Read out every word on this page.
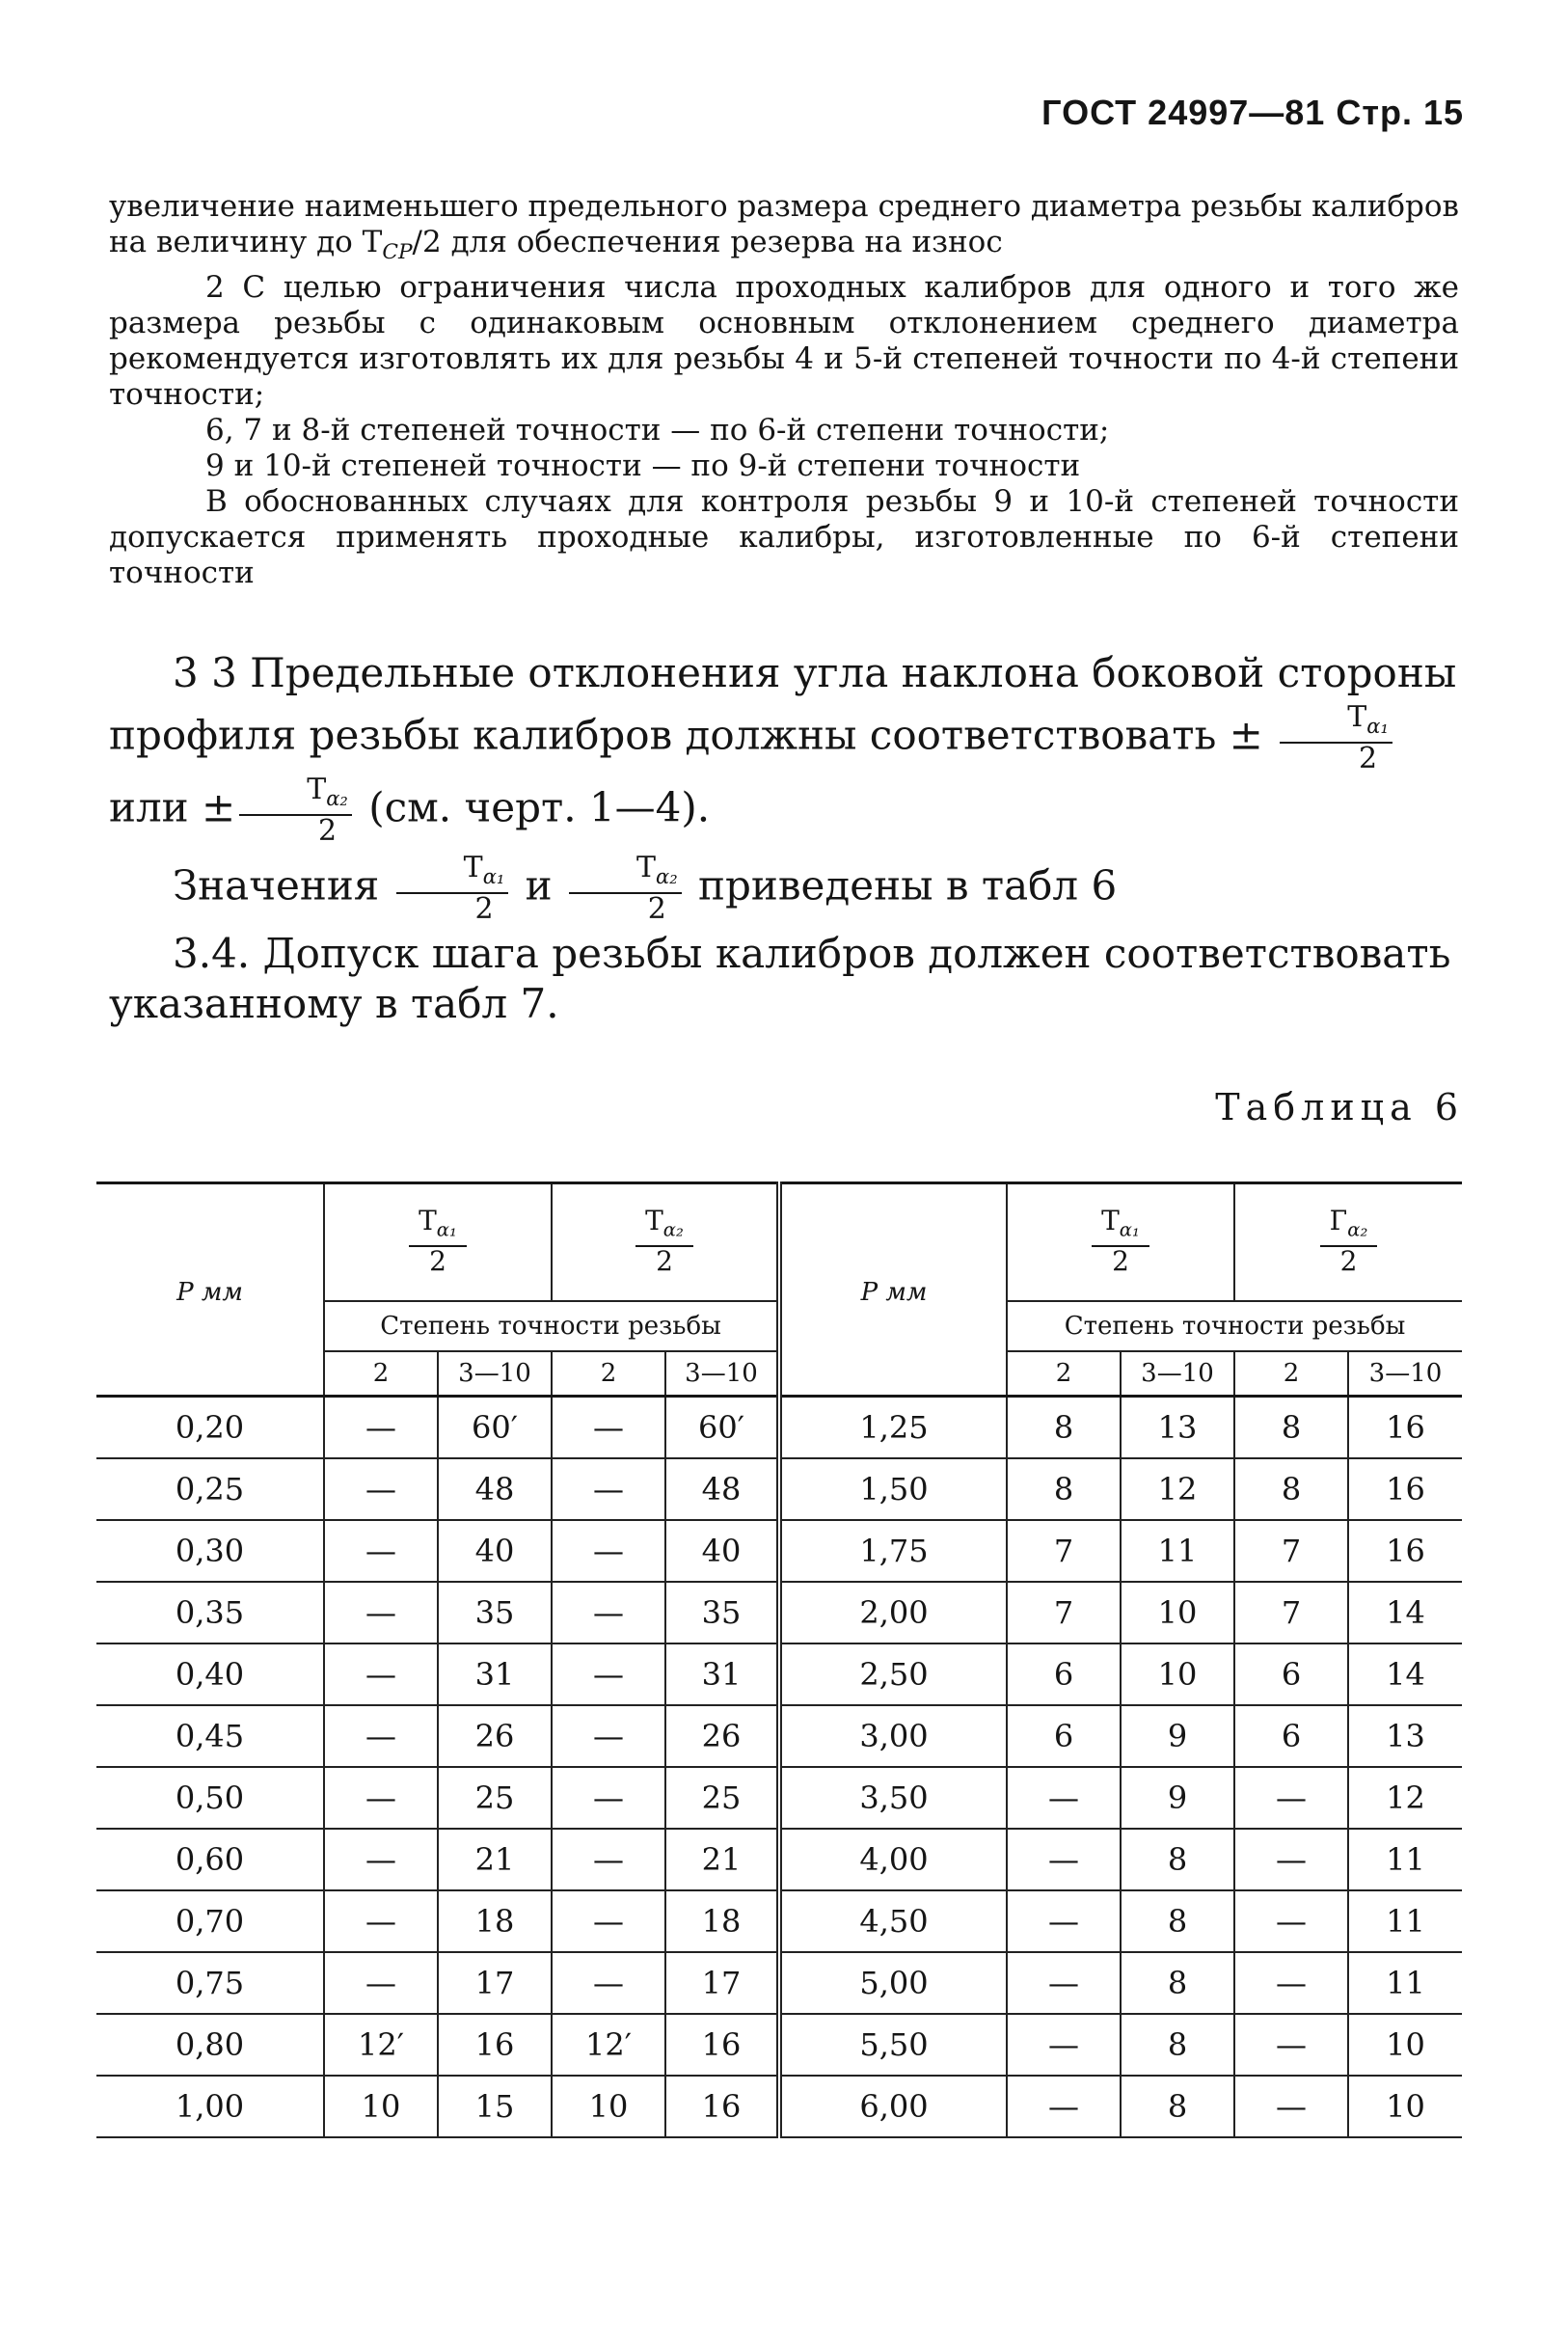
ГОСТ 24997—81 Стр. 15

увеличение наименьшего предельного размера среднего диаметра резьбы калибров на величину до $Т_{СР}/2$ для обеспечения резерва на износ

2 С целью ограничения числа проходных калибров для одного и того же размера резьбы с одинаковым основным отклонением среднего диаметра рекомендуется изготовлять их для резьбы 4 и 5-й степеней точности по 4-й степени точности;

6, 7 и 8-й степеней точности — по 6-й степени точности;

9 и 10-й степеней точности — по 9-й степени точности

В обоснованных случаях для контроля резьбы 9 и 10-й степеней точности допускается применять проходные калибры, изготовленные по 6-й степени точности

3 3 Предельные отклонения угла наклона боковой стороны профиля резьбы калибров должны соответствовать ± $\frac{Т_{\alpha_1}}{2}$
или ± $\frac{Т_{\alpha_2}}{2} (см$. черт. 1—4).

Значения $\frac{Т_{\alpha_1}}{2}$ и $\frac{Т_{\alpha_2}}{2}$ приведены в табл 6

3.4. Допуск шага резьбы калибров должен соответствовать указанному в табл 7.

Таблица 6
Р мм	$\frac{Т_{\alpha_1}}{2}$		$\frac{Т_{\alpha_2}}{2}$		Р мм	$\frac{Т_{\alpha_1}}{2}$		$\frac{Г_{\alpha_2}}{2}$

	Степень точности резьбы					Степень точности резьбы			
	2	3—10	2	3—10		2	3—10	2	3—10
0,20	—	60′	—	60′	1,25	8	13	8	16
0,25	—	48	—	48	1,50	8	12	8	16
0,30	—	40	—	40	1,75	7	11	7	16
0,35	—	35	—	35	2,00	7	10	7	14
0,40	—	31	—	31	2,50	6	10	6	14
0,45	—	26	—	26	3,00	6	9	6	13
0,50	—	25	—	25	3,50	—	9	—	12
0,60	—	21	—	21	4,00	—	8	—	11
0,70	—	18	—	18	4,50	—	8	—	11
0,75	—	17	—	17	5,00	—	8	—	11
0,80	12′	16	12′	16	5,50	—	8	—	10
1,00	10	15	10	16	6,00	—	8	—	10
